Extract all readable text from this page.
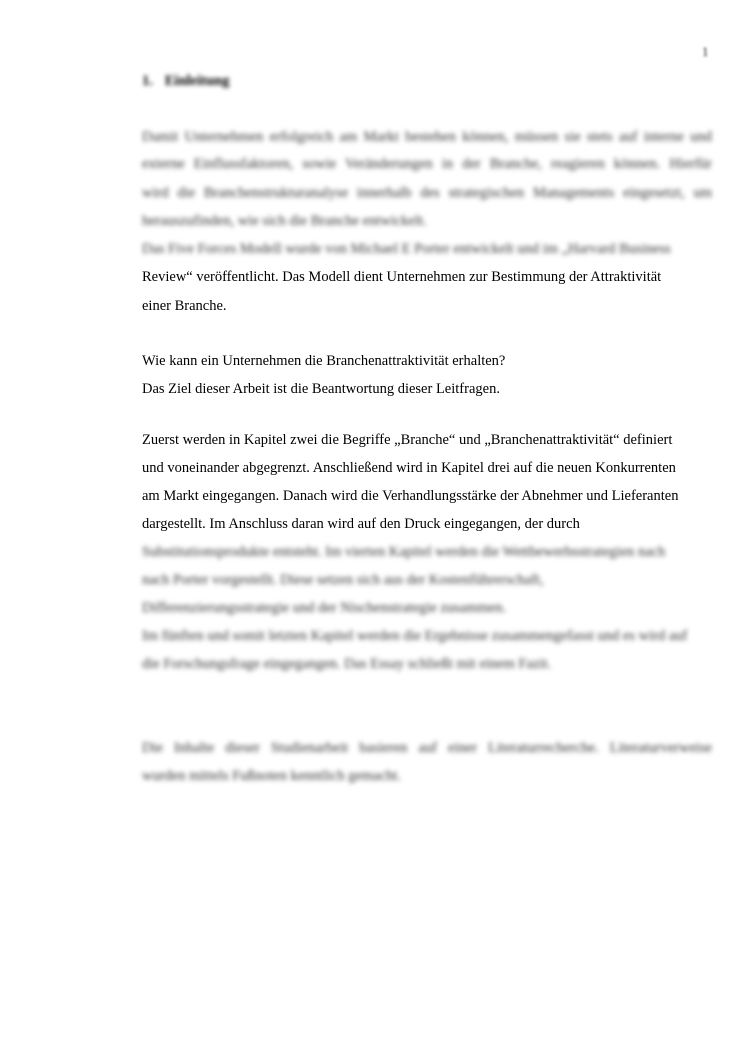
1
1. Einleitung
Damit Unternehmen erfolgreich am Markt bestehen können, müssen sie stets auf interne und
externe Einflussfaktoren, sowie Veränderungen in der Branche, reagieren können. Hierfür
wird die Branchenstrukturanalyse innerhalb des strategischen Managements eingesetzt, um
herauszufinden, wie sich die Branche entwickelt.
Das Five Forces Modell wurde von Michael E Porter entwickelt und im „Harvard Business
Review“ veröffentlicht. Das Modell dient Unternehmen zur Bestimmung der Attraktivität
einer Branche.
Wie kann ein Unternehmen die Branchenattraktivität erhalten?
Das Ziel dieser Arbeit ist die Beantwortung dieser Leitfragen.
Zuerst werden in Kapitel zwei die Begriffe „Branche“ und „Branchenattraktivität“ definiert
und voneinander abgegrenzt. Anschließend wird in Kapitel drei auf die neuen Konkurrenten
am Markt eingegangen. Danach wird die Verhandlungsstärke der Abnehmer und Lieferanten
dargestellt. Im Anschluss daran wird auf den Druck eingegangen, der durch
Substitutionsprodukte entsteht. Im vierten Kapitel werden die Wettbewerbsstrategien nach
nach Porter vorgestellt. Diese setzen sich aus der Kostenführerschaft,
Differenzierungsstrategie und der Nischenstrategie zusammen.
Im fünften und somit letzten Kapitel werden die Ergebnisse zusammengefasst und es wird auf
die Forschungsfrage eingegangen. Das Essay schließt mit einem Fazit.
Die Inhalte dieser Studienarbeit basieren auf einer Literaturrecherche. Literaturverweise
wurden mittels Fußnoten kenntlich gemacht.
